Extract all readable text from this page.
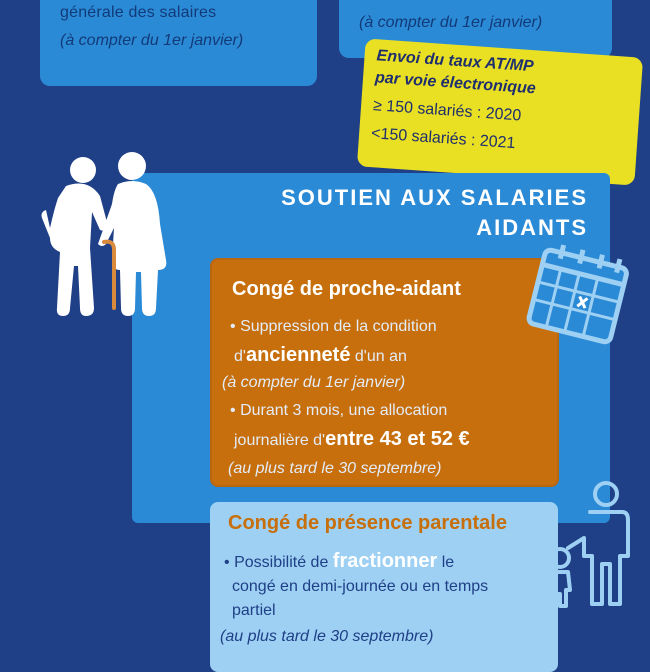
générale des salaires
(à compter du 1er janvier)
(à compter du 1er janvier)
Envoi du taux AT/MP
par voie électronique
≥ 150 salariés : 2020
<150 salariés : 2021
SOUTIEN AUX SALARIES
AIDANTS
Congé de proche-aidant
• Suppression de la condition
d'ancienneté d'un an
(à compter du 1er janvier)
• Durant 3 mois, une allocation
journalière d'entre 43 et 52 €
(au plus tard le 30 septembre)
Congé de présence parentale
• Possibilité de fractionner le
congé en demi-journée ou en temps
partiel
(au plus tard le 30 septembre)
